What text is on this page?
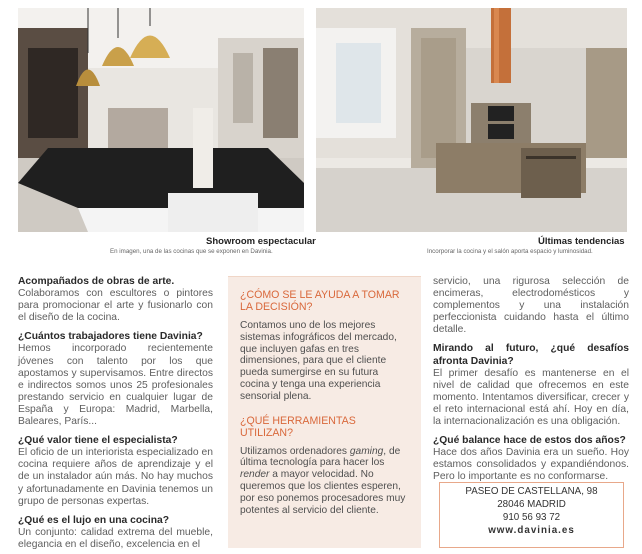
Showroom espectacular
En imagen, una de las cocinas que se exponen en Davinia.
Últimas tendencias
Incorporar la cocina y el salón aporta espacio y luminosidad.
Acompañados de obras de arte.
Colaboramos con escultores o pintores para promocionar el arte y fusionarlo con el diseño de la cocina.
¿Cuántos trabajadores tiene Davinia?
Hemos incorporado recientemente jóvenes con talento por los que apostamos y supervisamos. Entre directos e indirectos somos unos 25 profesionales prestando servicio en cualquier lugar de España y Europa: Madrid, Marbella, Baleares, París...
¿Qué valor tiene el especialista?
El oficio de un interiorista especializado en cocina requiere años de aprendizaje y el de un instalador aún más. No hay muchos y afortunadamente en Davinia tenemos un grupo de personas expertas.
¿Qué es el lujo en una cocina?
Un conjunto: calidad extrema del mueble, elegancia en el diseño, excelencia en el
¿CÓMO SE LE AYUDA A TOMAR LA DECISIÓN?
Contamos uno de los mejores sistemas infográficos del mercado, que incluyen gafas en tres dimensiones, para que el cliente pueda sumergirse en su futura cocina y tenga una experiencia sensorial plena.
¿QUÉ HERRAMIENTAS UTILIZAN?
Utilizamos ordenadores gaming, de última tecnología para hacer los render a mayor velocidad. No queremos que los clientes esperen, por eso ponemos procesadores muy potentes al servicio del cliente.
servicio, una rigurosa selección de encimeras, electrodomésticos y complementos y una instalación perfeccionista cuidando hasta el último detalle.
Mirando al futuro, ¿qué desafíos afronta Davinia?
El primer desafío es mantenerse en el nivel de calidad que ofrecemos en este momento. Intentamos diversificar, crecer y el reto internacional está ahí. Hoy en día, la internacionalización es una obligación.
¿Qué balance hace de estos dos años?
Hace dos años Davinia era un sueño. Hoy estamos consolidados y expandiéndonos. Pero lo importante es no conformarse.
PASEO DE CASTELLANA, 98
28046 MADRID
910 56 93 72
www.davinia.es
